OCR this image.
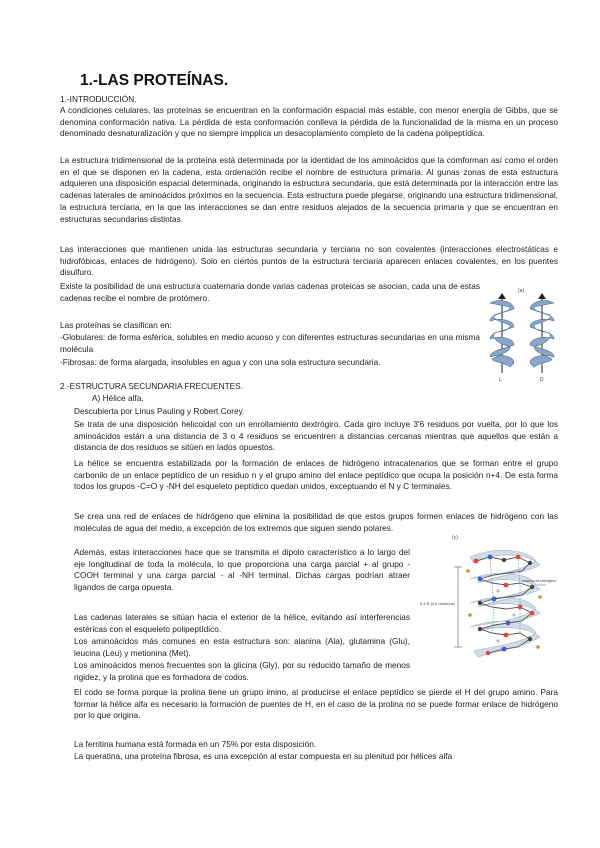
1.-LAS PROTEÍNAS.
1.-INTRODUCCIÓN.

A condiciones celulares, las proteínas se encuentran en la conformación espacial más estable, con menor energía de Gibbs, que se denomina conformación nativa. La pérdida de esta conformación conlleva la pérdida de la funcionalidad de la misma en un proceso denominado desnaturalización y que no siempre impplica un desacoplamiento completo de la cadena polipeptídica.

La estructura tridimensional de la proteína está determinada por la identidad de los aminoácidos que la comforman así como el orden en el que se disponen en la cadena, esta ordenación recibe el nombre de estructura primaria. Al gunas zonas de esta estructura adquieren una disposición espacial determinada, originando la estructura secundaria, que está determinada por la interacción entre las cadenas laterales de aminoácidos próximos en la secuencia. Esta estructura puede plegarse, originando una estructura tridimensional, la estructura terciaria, en la que las interacciones se dan entre residuos alejados de la secuencia primaria y que se encuentran en estructuras secundarias distintas.

Las interacciones que mantienen unida las estructuras secundaria y terciaria no son covalentes (interacciones electrostáticas e hidrofóbicas, enlaces de hidrógeno). Solo en ciertos puntos de la estructura terciaria aparecen enlaces covalentes, en los puentes disulfuro.

Existe la posibilidad de una estructura cuaternaria donde varias cadenas proteicas se asocian, cada una de estas cadenas recibe el nombre de protómero.

Las proteínas se clasifican en:

-Globulares: de forma esférica, solubles en medio acuoso y con diferentes estructuras secundarias en una misma molécula

-Fibrosas: de forma alargada, insolubles en agua y con una sola estructura secundaria.

(a)
L	D
2.-ESTRUCTURA SECUNDARIA FRECUENTES.
A) Hélice alfa.

Descubierta por Linus Pauling y Robert Corey.

Se trata de una disposición helicoidal con un enrollamiento dextrógiro. Cada giro incluye 3'6 residuos por vuelta, por lo que los aminoácidos están a una distancia de 3 o 4 residuos se encuentren a distancias cercanas mientras que aquellos que están a distancia de dos residuos se sitúen en lados opuestos.

La hélice se encuentra estabilizada por la formación de enlaces de hidrógeno intracatenarios que se forman entre el grupo carbonilo de un enlace peptídico de un residuo n y el grupo amino del enlace peptídico que ocupa la posición n+4. De esta forma todos los grupos -C=O y -NH del esqueleto peptídico quedan unidos, exceptuando el N y C terminales.

Se crea una red de enlaces de hidrógeno que elimina la posibilidad de que estos grupos formen enlaces de hidrógeno con las moléculas de agua del medio, a excepción de los extremos que siguen siendo polares.

Además, estas interacciones hace que se transmita el dipolo característico a lo largo del eje longitudinal de toda la molécula, lo que proporciona una carga parcial + al grupo -COOH terminal y una carga parcial - al -NH terminal. Dichas cargas podrían atraer ligandos de carga opuesta.

Las cadenas laterales se sitúan hacia el exterior de la hélice, evitando así interferencias estéricas con el esqueleto polipeptídico.

Los aminoácidos más comunes en esta estructura son: alanina (Ala), glutamina (Glu), leucina (Leu) y metionina (Met).

Los aminoácidos menos frecuentes son la glicina (Gly), por su reducido tamaño de menos rigidez, y la prolina que es formadora de codos.

El codo se forma porque la prolina tiene un grupo imino, al producirse el enlace peptídico se pierde el H del grupo amino. Para formar la hélice alfa es necesario la formación de puentes de H, en el caso de la prolina no se puede formar enlace de hidrógeno por lo que origina.

La ferritina humana está formada en un 75% por esta disposición.

La queratina, una proteína fibrosa, es una excepción al estar compuesta en su plenitud por hélices alfa

(c)
5.4 Å (3.6 residuos)
enlaces de hidrógeno
